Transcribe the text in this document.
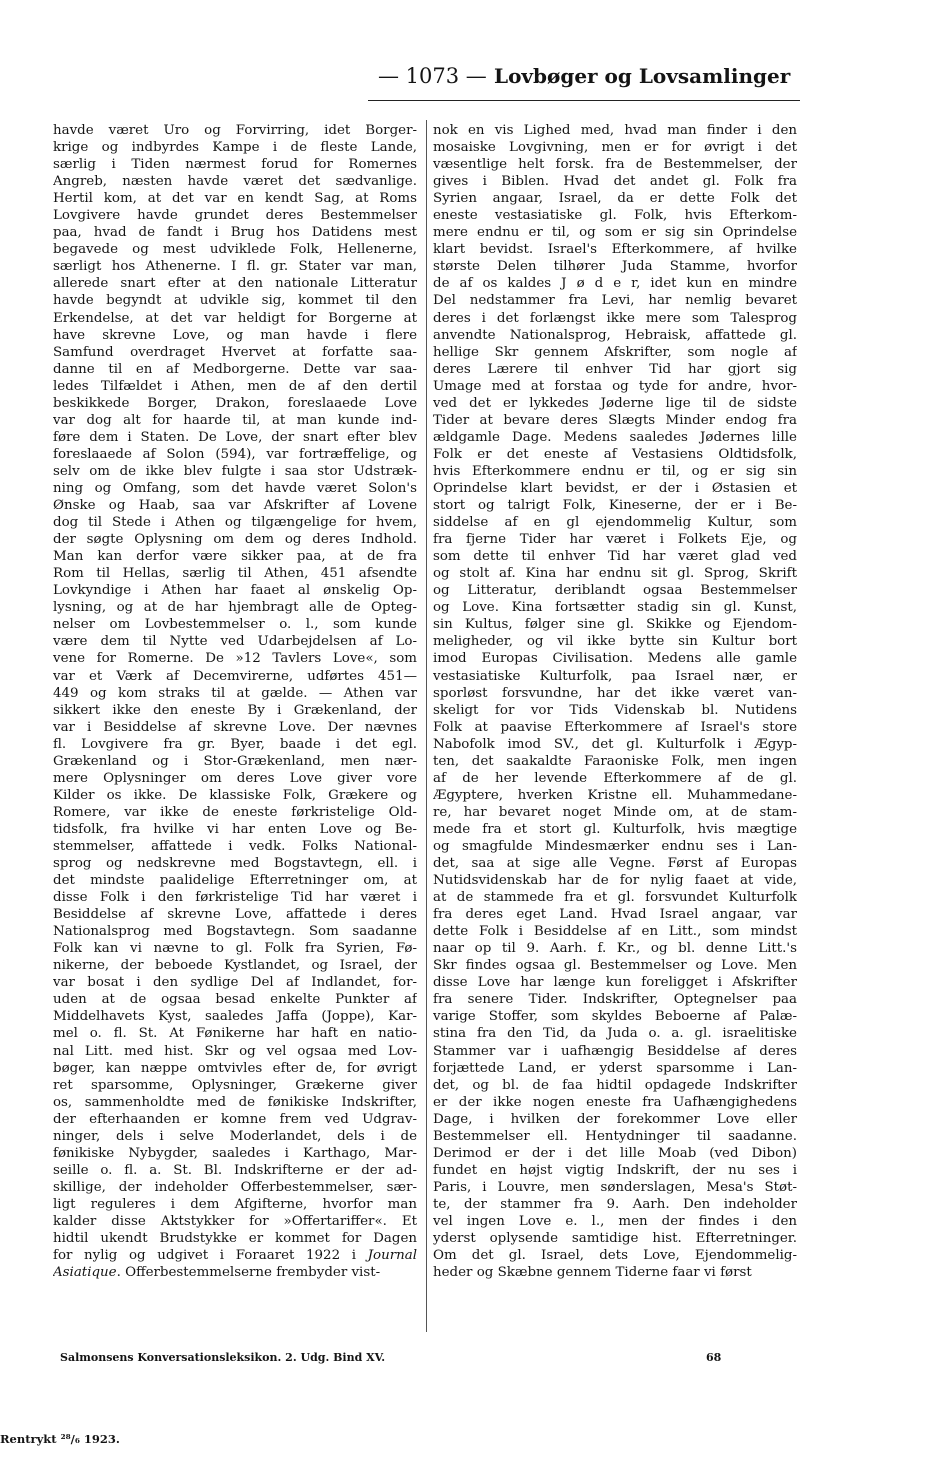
— 1073 — Lovbøger og Lovsamlinger
havde været Uro og Forvirring, idet Borger-
krige og indbyrdes Kampe i de fleste Lande,
særlig i Tiden nærmest forud for Romernes
Angreb, næsten havde været det sædvanlige.
Hertil kom, at det var en kendt Sag, at Roms
Lovgivere havde grundet deres Bestemmelser
paa, hvad de fandt i Brug hos Datidens mest
begavede og mest udviklede Folk, Hellenerne,
særligt hos Athenerne. I fl. gr. Stater var man,
allerede snart efter at den nationale Litteratur
havde begyndt at udvikle sig, kommet til den
Erkendelse, at det var heldigt for Borgerne at
have skrevne Love, og man havde i flere
Samfund overdraget Hvervet at forfatte saa-
danne til en af Medborgerne. Dette var saa-
ledes Tilfældet i Athen, men de af den dertil
beskikkede Borger, Drakon, foreslaaede Love
var dog alt for haarde til, at man kunde ind-
føre dem i Staten. De Love, der snart efter blev
foreslaaede af Solon (594), var fortræffelige, og
selv om de ikke blev fulgte i saa stor Udstræk-
ning og Omfang, som det havde været Solon's
Ønske og Haab, saa var Afskrifter af Lovene
dog til Stede i Athen og tilgængelige for hvem,
der søgte Oplysning om dem og deres Indhold.
Man kan derfor være sikker paa, at de fra
Rom til Hellas, særlig til Athen, 451 afsendte
Lovkyndige i Athen har faaet al ønskelig Op-
lysning, og at de har hjembragt alle de Opteg-
nelser om Lovbestemmelser o. l., som kunde
være dem til Nytte ved Udarbejdelsen af Lo-
vene for Romerne. De »12 Tavlers Love«, som
var et Værk af Decemvirerne, udførtes 451—
449 og kom straks til at gælde. — Athen var
sikkert ikke den eneste By i Grækenland, der
var i Besiddelse af skrevne Love. Der nævnes
fl. Lovgivere fra gr. Byer, baade i det egl.
Grækenland og i Stor-Grækenland, men nær-
mere Oplysninger om deres Love giver vore
Kilder os ikke. De klassiske Folk, Grækere og
Romere, var ikke de eneste førkristelige Old-
tidsfolk, fra hvilke vi har enten Love og Be-
stemmelser, affattede i vedk. Folks National-
sprog og nedskrevne med Bogstavtegn, ell. i
det mindste paalidelige Efterretninger om, at
disse Folk i den førkristelige Tid har været i
Besiddelse af skrevne Love, affattede i deres
Nationalsprog med Bogstavtegn. Som saadanne
Folk kan vi nævne to gl. Folk fra Syrien, Fø-
nikerne, der beboede Kystlandet, og Israel, der
var bosat i den sydlige Del af Indlandet, for-
uden at de ogsaa besad enkelte Punkter af
Middelhavets Kyst, saaledes Jaffa (Joppe), Kar-
mel o. fl. St. At Fønikerne har haft en natio-
nal Litt. med hist. Skr og vel ogsaa med Lov-
bøger, kan næppe omtvivles efter de, for øvrigt
ret sparsomme, Oplysninger, Grækerne giver
os, sammenholdte med de fønikiske Indskrifter,
der efterhaanden er komne frem ved Udgrav-
ninger, dels i selve Moderlandet, dels i de
fønikiske Nybygder, saaledes i Karthago, Mar-
seille o. fl. a. St. Bl. Indskrifterne er der ad-
skillige, der indeholder Offerbestemmelser, sær-
ligt reguleres i dem Afgifterne, hvorfor man
kalder disse Aktstykker for »Offertariffer«. Et
hidtil ukendt Brudstykke er kommet for Dagen
for nylig og udgivet i Foraaret 1922 i Journal
Asiatique. Offerbestemmelserne frembyder vist-
nok en vis Lighed med, hvad man finder i den
mosaiske Lovgivning, men er for øvrigt i det
væsentlige helt forsk. fra de Bestemmelser, der
gives i Biblen. Hvad det andet gl. Folk fra
Syrien angaar, Israel, da er dette Folk det
eneste vestasiatiske gl. Folk, hvis Efterkom-
mere endnu er til, og som er sig sin Oprindelse
klart bevidst. Israel's Efterkommere, af hvilke
største Delen tilhører Juda Stamme, hvorfor
de af os kaldes J ø d e r, idet kun en mindre
Del nedstammer fra Levi, har nemlig bevaret
deres i det forlængst ikke mere som Talesprog
anvendte Nationalsprog, Hebraisk, affattede gl.
hellige Skr gennem Afskrifter, som nogle af
deres Lærere til enhver Tid har gjort sig
Umage med at forstaa og tyde for andre, hvor-
ved det er lykkedes Jøderne lige til de sidste
Tider at bevare deres Slægts Minder endog fra
ældgamle Dage. Medens saaledes Jødernes lille
Folk er det eneste af Vestasiens Oldtidsfolk,
hvis Efterkommere endnu er til, og er sig sin
Oprindelse klart bevidst, er der i Østasien et
stort og talrigt Folk, Kineserne, der er i Be-
siddelse af en gl ejendommelig Kultur, som
fra fjerne Tider har været i Folkets Eje, og
som dette til enhver Tid har været glad ved
og stolt af. Kina har endnu sit gl. Sprog, Skrift
og Litteratur, deriblandt ogsaa Bestemmelser
og Love. Kina fortsætter stadig sin gl. Kunst,
sin Kultus, følger sine gl. Skikke og Ejendom-
meligheder, og vil ikke bytte sin Kultur bort
imod Europas Civilisation. Medens alle gamle
vestasiatiske Kulturfolk, paa Israel nær, er
sporløst forsvundne, har det ikke været van-
skeligt for vor Tids Videnskab bl. Nutidens
Folk at paavise Efterkommere af Israel's store
Nabofolk imod SV., det gl. Kulturfolk i Ægyp-
ten, det saakaldte Faraoniske Folk, men ingen
af de her levende Efterkommere af de gl.
Ægyptere, hverken Kristne ell. Muhammedane-
re, har bevaret noget Minde om, at de stam-
mede fra et stort gl. Kulturfolk, hvis mægtige
og smagfulde Mindesmærker endnu ses i Lan-
det, saa at sige alle Vegne. Først af Europas
Nutidsvidenskab har de for nylig faaet at vide,
at de stammede fra et gl. forsvundet Kulturfolk
fra deres eget Land. Hvad Israel angaar, var
dette Folk i Besiddelse af en Litt., som mindst
naar op til 9. Aarh. f. Kr., og bl. denne Litt.'s
Skr findes ogsaa gl. Bestemmelser og Love. Men
disse Love har længe kun foreligget i Afskrifter
fra senere Tider. Indskrifter, Optegnelser paa
varige Stoffer, som skyldes Beboerne af Palæ-
stina fra den Tid, da Juda o. a. gl. israelitiske
Stammer var i uafhængig Besiddelse af deres
forjættede Land, er yderst sparsomme i Lan-
det, og bl. de faa hidtil opdagede Indskrifter
er der ikke nogen eneste fra Uafhængighedens
Dage, i hvilken der forekommer Love eller
Bestemmelser ell. Hentydninger til saadanne.
Derimod er der i det lille Moab (ved Dibon)
fundet en højst vigtig Indskrift, der nu ses i
Paris, i Louvre, men sønderslagen, Mesa's Støt-
te, der stammer fra 9. Aarh. Den indeholder
vel ingen Love e. l., men der findes i den
yderst oplysende samtidige hist. Efterretninger.
Om det gl. Israel, dets Love, Ejendommelig-
heder og Skæbne gennem Tiderne faar vi først
Salmonsens Konversationsleksikon. 2. Udg. Bind XV.	68
Rentrykt ²⁸/₆ 1923.
